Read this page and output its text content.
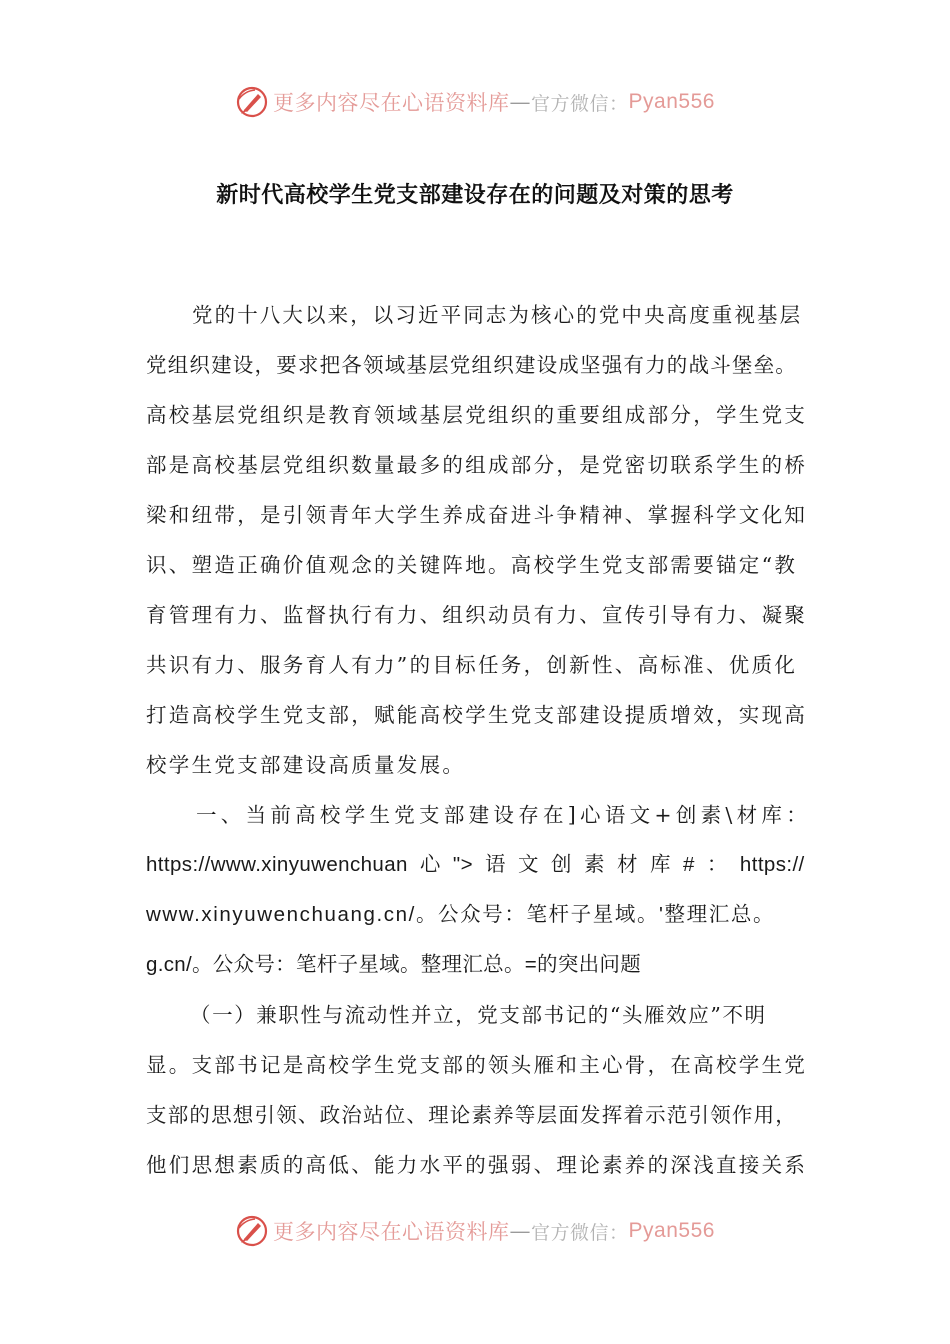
更多内容尽在心语资料库 — 官方微信： Pyan556
新时代高校学生党支部建设存在的问题及对策的思考
党的十八大以来，以习近平同志为核心的党中央高度重视基层
党组织建设，要求把各领域基层党组织建设成坚强有力的战斗堡垒。
高校基层党组织是教育领域基层党组织的重要组成部分，学生党支
部是高校基层党组织数量最多的组成部分，是党密切联系学生的桥
梁和纽带，是引领青年大学生养成奋进斗争精神、掌握科学文化知
识、塑造正确价值观念的关键阵地。高校学生党支部需要锚定“教
育管理有力、监督执行有力、组织动员有力、宣传引导有力、凝聚
共识有力、服务育人有力”的目标任务，创新性、高标准、优质化
打造高校学生党支部，赋能高校学生党支部建设提质增效，实现高
校学生党支部建设高质量发展。
一、当前高校学生党支部建设存在]心语文+创素\材库：
https://www.xinyuwenchuan 心 "> 语 文 创 素 材 库 # ： https://
www.xinyuwenchuang.cn/。公众号：笔杆子星域。'整理汇总。
g.cn/。公众号：笔杆子星域。整理汇总。=的突出问题
（一）兼职性与流动性并立，党支部书记的“头雁效应”不明
显。支部书记是高校学生党支部的领头雁和主心骨，在高校学生党
支部的思想引领、政治站位、理论素养等层面发挥着示范引领作用，
他们思想素质的高低、能力水平的强弱、理论素养的深浅直接关系
更多内容尽在心语资料库 — 官方微信： Pyan556
